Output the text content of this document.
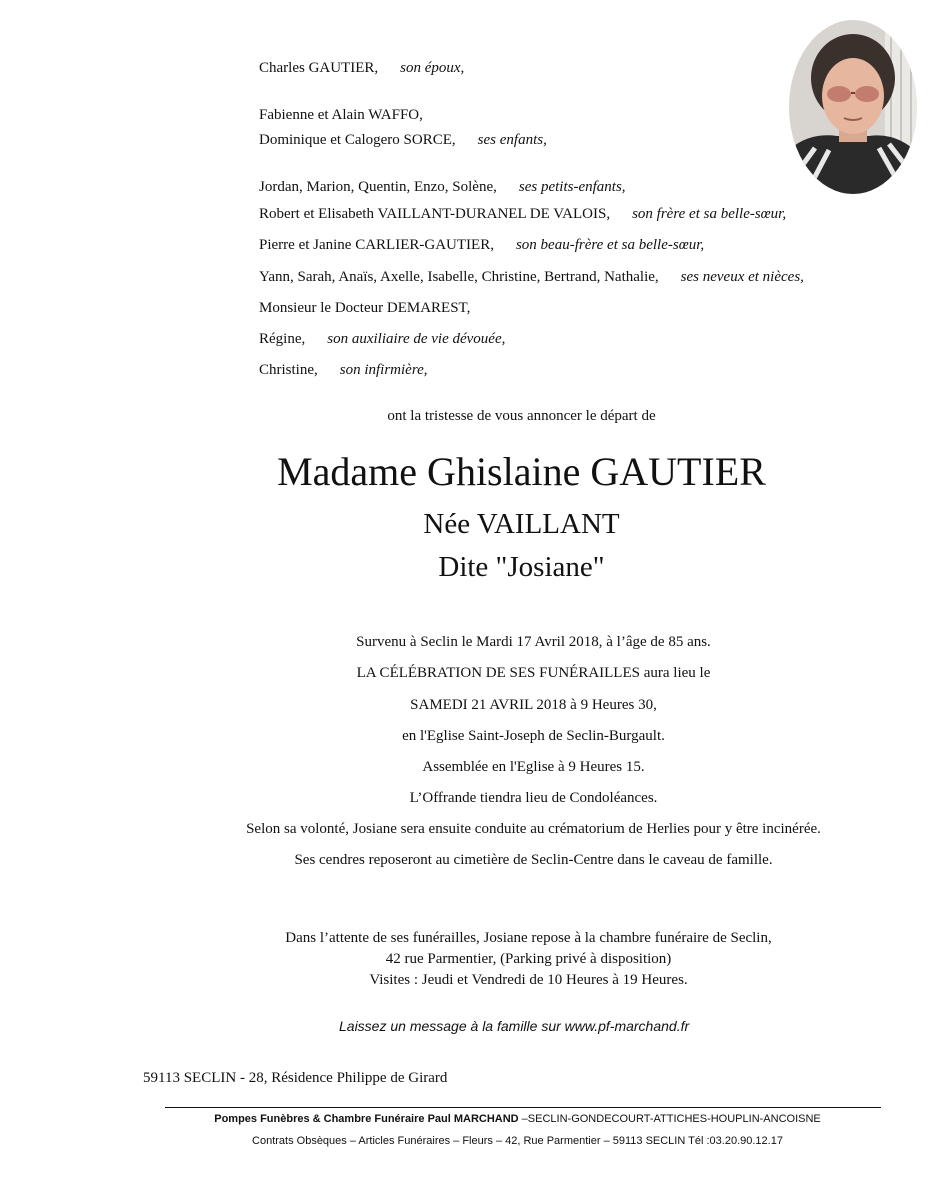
Charles GAUTIER, son époux,
Fabienne et Alain WAFFO,
Dominique et Calogero SORCE, ses enfants,
Jordan, Marion, Quentin, Enzo, Solène, ses petits-enfants,
Robert et Elisabeth VAILLANT-DURANEL DE VALOIS, son frère et sa belle-sœur,
Pierre et Janine CARLIER-GAUTIER, son beau-frère et sa belle-sœur,
Yann, Sarah, Anaïs, Axelle, Isabelle, Christine, Bertrand, Nathalie, ses neveux et nièces,
Monsieur le Docteur DEMAREST,
Régine, son auxiliaire de vie dévouée,
Christine, son infirmière,
ont la tristesse de vous annoncer le départ de
Madame Ghislaine GAUTIER
Née VAILLANT
Dite "Josiane"
Survenu à Seclin le Mardi 17 Avril 2018, à l’âge de 85 ans.
LA CÉLÉBRATION DE SES FUNÉRAILLES aura lieu le
SAMEDI 21 AVRIL 2018 à 9 Heures 30,
en l'Eglise Saint-Joseph de Seclin-Burgault.
Assemblée en l'Eglise à 9 Heures 15.
L’Offrande tiendra lieu de Condoléances.
Selon sa volonté, Josiane sera ensuite conduite au crématorium de Herlies pour y être incinérée.
Ses cendres reposeront au cimetière de Seclin-Centre dans le caveau de famille.
Dans l’attente de ses funérailles, Josiane repose à la chambre funéraire de Seclin,
42 rue Parmentier, (Parking privé à disposition)
Visites : Jeudi et Vendredi de 10 Heures à 19 Heures.
Laissez un message à la famille sur www.pf-marchand.fr
59113 SECLIN - 28, Résidence Philippe de Girard
Pompes Funèbres & Chambre Funéraire Paul MARCHAND –SECLIN-GONDECOURT-ATTICHES-HOUPLIN-ANCOISNE
Contrats Obsèques – Articles Funéraires – Fleurs – 42, Rue Parmentier – 59113 SECLIN Tél :03.20.90.12.17
